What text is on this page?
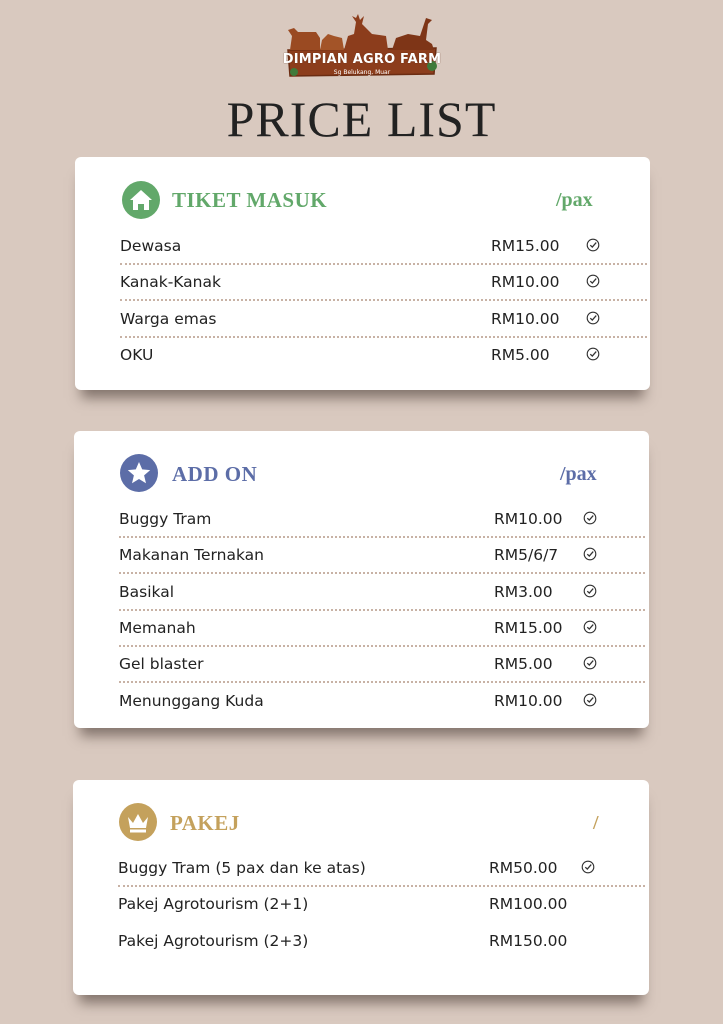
DIMPIAN AGRO FARM
Sg Belukang, Muar
PRICE LIST
TIKET MASUK	/pax
Dewasa	RM15.00
Kanak-Kanak	RM10.00
Warga emas	RM10.00
OKU	RM5.00
ADD ON	/pax
Buggy Tram	RM10.00
Makanan Ternakan	RM5/6/7
Basikal	RM3.00
Memanah	RM15.00
Gel blaster	RM5.00
Menunggang Kuda	RM10.00
PAKEJ	/
Buggy Tram (5 pax dan ke atas)	RM50.00
Pakej Agrotourism (2+1)	RM100.00
Pakej Agrotourism (2+3)	RM150.00
